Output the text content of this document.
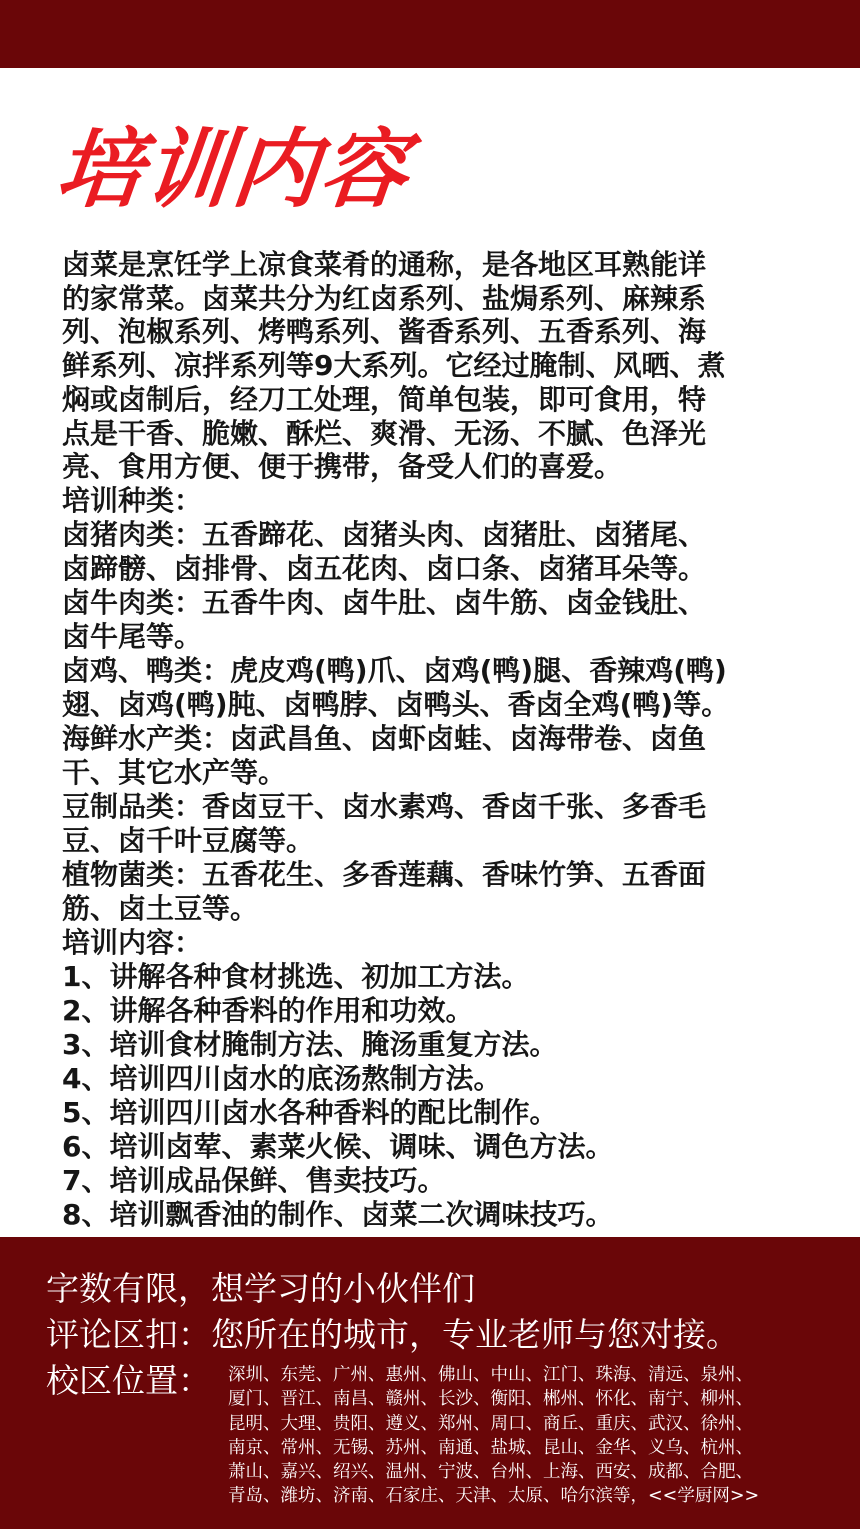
培训内容
卤菜是烹饪学上凉食菜肴的通称，是各地区耳熟能详
的家常菜。卤菜共分为红卤系列、盐焗系列、麻辣系
列、泡椒系列、烤鸭系列、酱香系列、五香系列、海
鲜系列、凉拌系列等9大系列。它经过腌制、风晒、煮
焖或卤制后，经刀工处理，简单包装，即可食用，特
点是干香、脆嫩、酥烂、爽滑、无汤、不腻、色泽光
亮、食用方便、便于携带，备受人们的喜爱。
培训种类：
卤猪肉类：五香蹄花、卤猪头肉、卤猪肚、卤猪尾、
卤蹄髈、卤排骨、卤五花肉、卤口条、卤猪耳朵等。
卤牛肉类：五香牛肉、卤牛肚、卤牛筋、卤金钱肚、
卤牛尾等。
卤鸡、鸭类：虎皮鸡(鸭)爪、卤鸡(鸭)腿、香辣鸡(鸭)
翅、卤鸡(鸭)肫、卤鸭脖、卤鸭头、香卤全鸡(鸭)等。
海鲜水产类：卤武昌鱼、卤虾卤蛙、卤海带卷、卤鱼
干、其它水产等。
豆制品类：香卤豆干、卤水素鸡、香卤千张、多香毛
豆、卤千叶豆腐等。
植物菌类：五香花生、多香莲藕、香味竹笋、五香面
筋、卤土豆等。
培训内容：
1、讲解各种食材挑选、初加工方法。
2、讲解各种香料的作用和功效。
3、培训食材腌制方法、腌汤重复方法。
4、培训四川卤水的底汤熬制方法。
5、培训四川卤水各种香料的配比制作。
6、培训卤荤、素菜火候、调味、调色方法。
7、培训成品保鲜、售卖技巧。
8、培训飘香油的制作、卤菜二次调味技巧。
字数有限，想学习的小伙伴们
评论区扣：您所在的城市，专业老师与您对接。
校区位置： 深圳、东莞、广州、惠州、佛山、中山、江门、珠海、清远、泉州、
厦门、晋江、南昌、赣州、长沙、衡阳、郴州、怀化、南宁、柳州、
昆明、大理、贵阳、遵义、郑州、周口、商丘、重庆、武汉、徐州、
南京、常州、无锡、苏州、南通、盐城、昆山、金华、义乌、杭州、
萧山、嘉兴、绍兴、温州、宁波、台州、上海、西安、成都、合肥、
青岛、潍坊、济南、石家庄、天津、太原、哈尔滨等，<<学厨网>>
